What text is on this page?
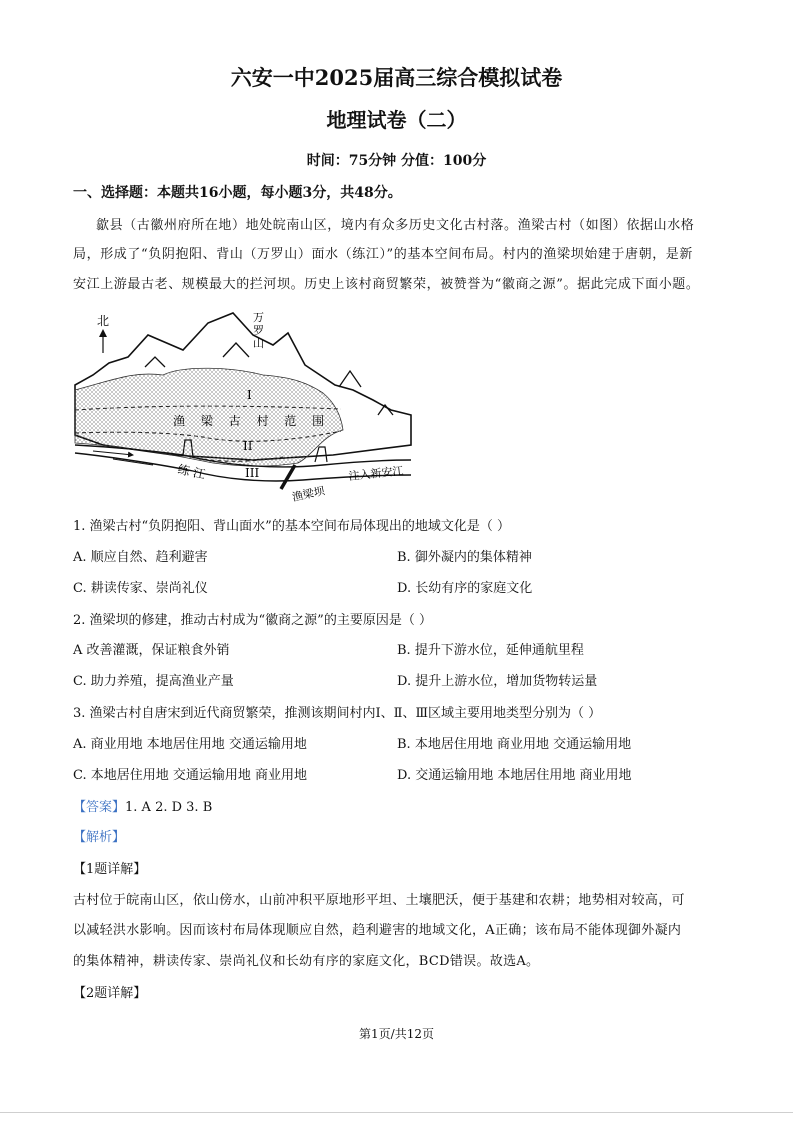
六安一中2025届高三综合模拟试卷
地理试卷（二）
时间：75分钟 分值：100分
一、选择题：本题共16小题，每小题3分，共48分。
歙县（古徽州府所在地）地处皖南山区，境内有众多历史文化古村落。渔梁古村（如图）依据山水格
局，形成了“负阴抱阳、背山（万罗山）面水（练江）”的基本空间布局。村内的渔梁坝始建于唐朝，是新
安江上游最古老、规模最大的拦河坝。历史上该村商贸繁荣，被赞誉为“徽商之源”。据此完成下面小题。
北	万
罗
山
I
渔 梁 古 村 范 围
II
III
练 江
渔梁坝
注入新安江
1. 渔梁古村“负阴抱阳、背山面水”的基本空间布局体现出的地域文化是（ ）
A. 顺应自然、趋利避害	B. 御外凝内的集体精神
C. 耕读传家、崇尚礼仪	D. 长幼有序的家庭文化
2. 渔梁坝的修建，推动古村成为“徽商之源”的主要原因是（ ）
A 改善灌溉，保证粮食外销	B. 提升下游水位，延伸通航里程
C. 助力养殖，提高渔业产量	D. 提升上游水位，增加货物转运量
3. 渔梁古村自唐宋到近代商贸繁荣，推测该期间村内Ⅰ、Ⅱ、Ⅲ区域主要用地类型分别为（ ）
A. 商业用地 本地居住用地 交通运输用地	B. 本地居住用地 商业用地 交通运输用地
C. 本地居住用地 交通运输用地 商业用地	D. 交通运输用地 本地居住用地 商业用地
【答案】1. A 2. D 3. B
【解析】
【1题详解】
古村位于皖南山区，依山傍水，山前冲积平原地形平坦、土壤肥沃，便于基建和农耕；地势相对较高，可
以减轻洪水影响。因而该村布局体现顺应自然，趋利避害的地域文化，A正确；该布局不能体现御外凝内
的集体精神，耕读传家、崇尚礼仪和长幼有序的家庭文化，BCD错误。故选A。
【2题详解】
第1页/共12页
